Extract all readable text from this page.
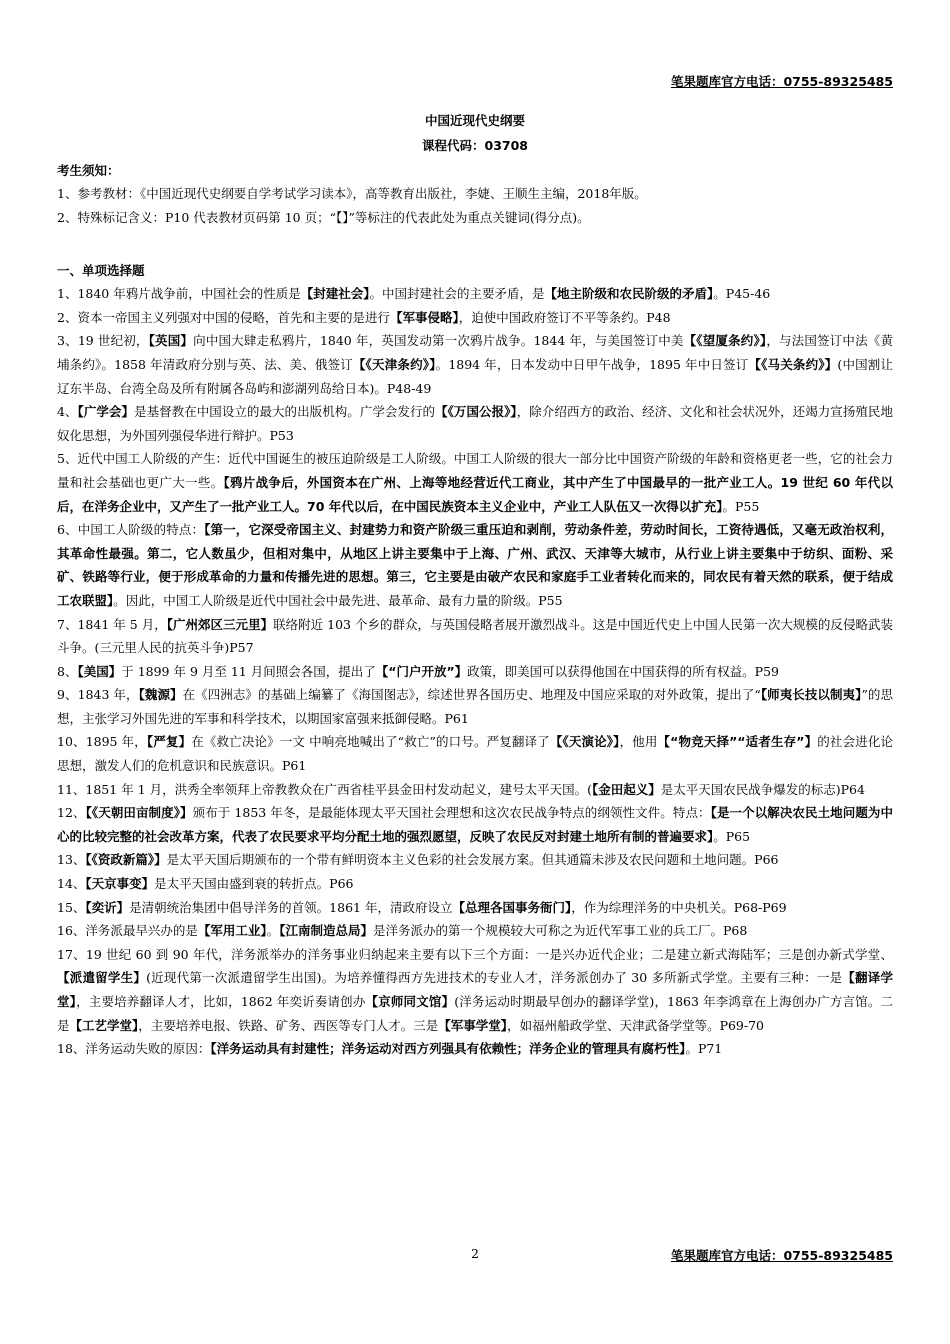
笔果题库官方电话：0755-89325485
中国近现代史纲要
课程代码：03708
考生须知：

1、参考教材：《中国近现代史纲要自学考试学习读本》，高等教育出版社，李婕、王顺生主编，2018年版。

2、特殊标记含义：P10 代表教材页码第 10 页；“【】”等标注的代表此处为重点关键词(得分点)。

一、单项选择题

1、1840 年鸦片战争前，中国社会的性质是【封建社会】。中国封建社会的主要矛盾，是【地主阶级和农民阶级的矛盾】。P45-46

2、资本一帝国主义列强对中国的侵略，首先和主要的是进行【军事侵略】，迫使中国政府签订不平等条约。P48

3、19 世纪初，【英国】向中国大肆走私鸦片，1840 年，英国发动第一次鸦片战争。1844 年，与美国签订中美【《望厦条约》】，与法国签订中法《黄埔条约》。1858 年清政府分别与英、法、美、俄签订【《天津条约》】。1894 年，日本发动中日甲午战争，1895 年中日签订【《马关条约》】(中国割让辽东半岛、台湾全岛及所有附属各岛屿和澎湖列岛给日本)。P48-49

4、【广学会】是基督教在中国设立的最大的出版机构。广学会发行的【《万国公报》】，除介绍西方的政治、经济、文化和社会状况外，还竭力宣扬殖民地奴化思想，为外国列强侵华进行辩护。P53

5、近代中国工人阶级的产生：近代中国诞生的被压迫阶级是工人阶级。中国工人阶级的很大一部分比中国资产阶级的年龄和资格更老一些，它的社会力量和社会基础也更广大一些。【鸦片战争后，外国资本在广州、上海等地经营近代工商业，其中产生了中国最早的一批产业工人。19 世纪 60 年代以后，在洋务企业中，又产生了一批产业工人。70 年代以后，在中国民族资本主义企业中，产业工人队伍又一次得以扩充】。P55

6、中国工人阶级的特点：【第一，它深受帝国主义、封建势力和资产阶级三重压迫和剥削，劳动条件差，劳动时间长，工资待遇低，又毫无政治权利，其革命性最强。第二，它人数虽少，但相对集中，从地区上讲主要集中于上海、广州、武汉、天津等大城市，从行业上讲主要集中于纺织、面粉、采矿、铁路等行业，便于形成革命的力量和传播先进的思想。第三，它主要是由破产农民和家庭手工业者转化而来的，同农民有着天然的联系，便于结成工农联盟】。因此，中国工人阶级是近代中国社会中最先进、最革命、最有力量的阶级。P55

7、1841 年 5 月，【广州郊区三元里】联络附近 103 个乡的群众，与英国侵略者展开激烈战斗。这是中国近代史上中国人民第一次大规模的反侵略武装斗争。(三元里人民的抗英斗争)P57

8、【美国】于 1899 年 9 月至 11 月间照会各国，提出了【“门户开放”】政策，即美国可以获得他国在中国获得的所有权益。P59

9、1843 年，【魏源】在《四洲志》的基础上编纂了《海国图志》，综述世界各国历史、地理及中国应采取的对外政策，提出了“【师夷长技以制夷】”的思想，主张学习外国先进的军事和科学技术，以期国家富强来抵御侵略。P61

10、1895 年，【严复】在《救亡决论》一文 中响亮地喊出了“救亡”的口号。严复翻译了【《天演论》】，他用【“物竞天择”“适者生存”】的社会进化论思想，激发人们的危机意识和民族意识。P61

11、1851 年 1 月，洪秀全率领拜上帝教教众在广西省桂平县金田村发动起义，建号太平天国。(【金田起义】是太平天国农民战争爆发的标志)P64

12、【《天朝田亩制度》】颁布于 1853 年冬，是最能体现太平天国社会理想和这次农民战争特点的纲领性文件。特点：【是一个以解决农民土地问题为中心的比较完整的社会改革方案，代表了农民要求平均分配土地的强烈愿望，反映了农民反对封建土地所有制的普遍要求】。P65

13、【《资政新篇》】是太平天国后期颁布的一个带有鲜明资本主义色彩的社会发展方案。但其通篇未涉及农民问题和土地问题。P66

14、【天京事变】是太平天国由盛到衰的转折点。P66

15、【奕䜣】是清朝统治集团中倡导洋务的首领。1861 年，清政府设立【总理各国事务衙门】，作为综理洋务的中央机关。P68-P69

16、洋务派最早兴办的是【军用工业】。【江南制造总局】是洋务派办的第一个规模较大可称之为近代军事工业的兵工厂。P68

17、19 世纪 60 到 90 年代，洋务派举办的洋务事业归纳起来主要有以下三个方面：一是兴办近代企业；二是建立新式海陆军；三是创办新式学堂、【派遣留学生】(近现代第一次派遣留学生出国)。为培养懂得西方先进技术的专业人才，洋务派创办了 30 多所新式学堂。主要有三种：一是【翻译学堂】，主要培养翻译人才，比如，1862 年奕䜣奏请创办【京师同文馆】(洋务运动时期最早创办的翻译学堂)，1863 年李鸿章在上海创办广方言馆。二是【工艺学堂】，主要培养电报、铁路、矿务、西医等专门人才。三是【军事学堂】，如福州船政学堂、天津武备学堂等。P69-70

18、洋务运动失败的原因：【洋务运动具有封建性；洋务运动对西方列强具有依赖性；洋务企业的管理具有腐朽性】。P71

2	笔果题库官方电话：0755-89325485
